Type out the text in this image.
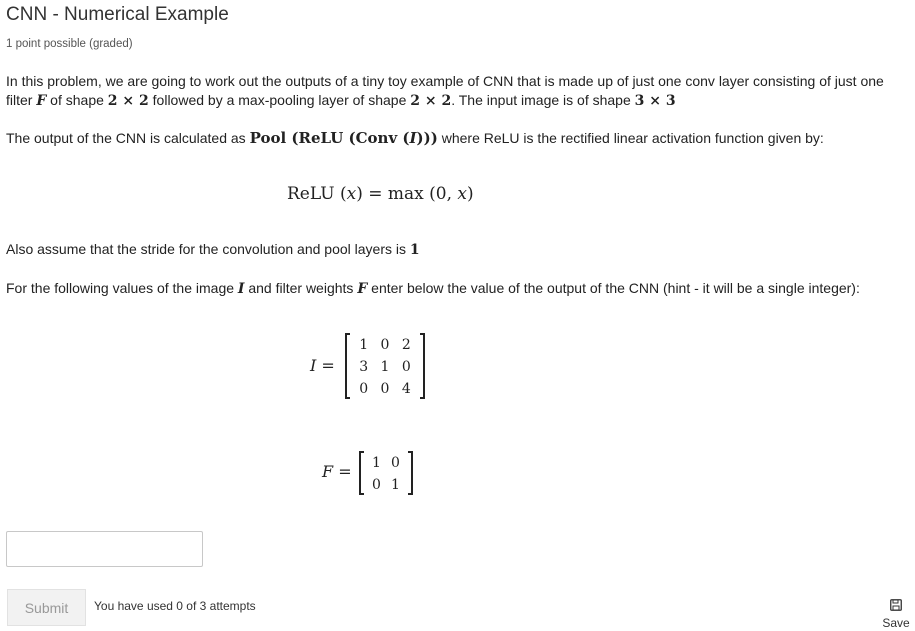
CNN - Numerical Example
1 point possible (graded)
In this problem, we are going to work out the outputs of a tiny toy example of CNN that is made up of just one conv layer consisting of just one
filter F of shape 2 × 2 followed by a max-pooling layer of shape 2 × 2. The input image is of shape 3 × 3
The output of the CNN is calculated as Pool (ReLU (Conv (I))) where ReLU is the rectified linear activation function given by:
ReLU (x) = max (0, x)
Also assume that the stride for the convolution and pool layers is 1
For the following values of the image I and filter weights F enter below the value of the output of the CNN (hint - it will be a single integer):
I =
1 0 2
3 1 0
0 0 4
F =	1 0
0 1
Submit	You have used 0 of 3 attempts
Save
